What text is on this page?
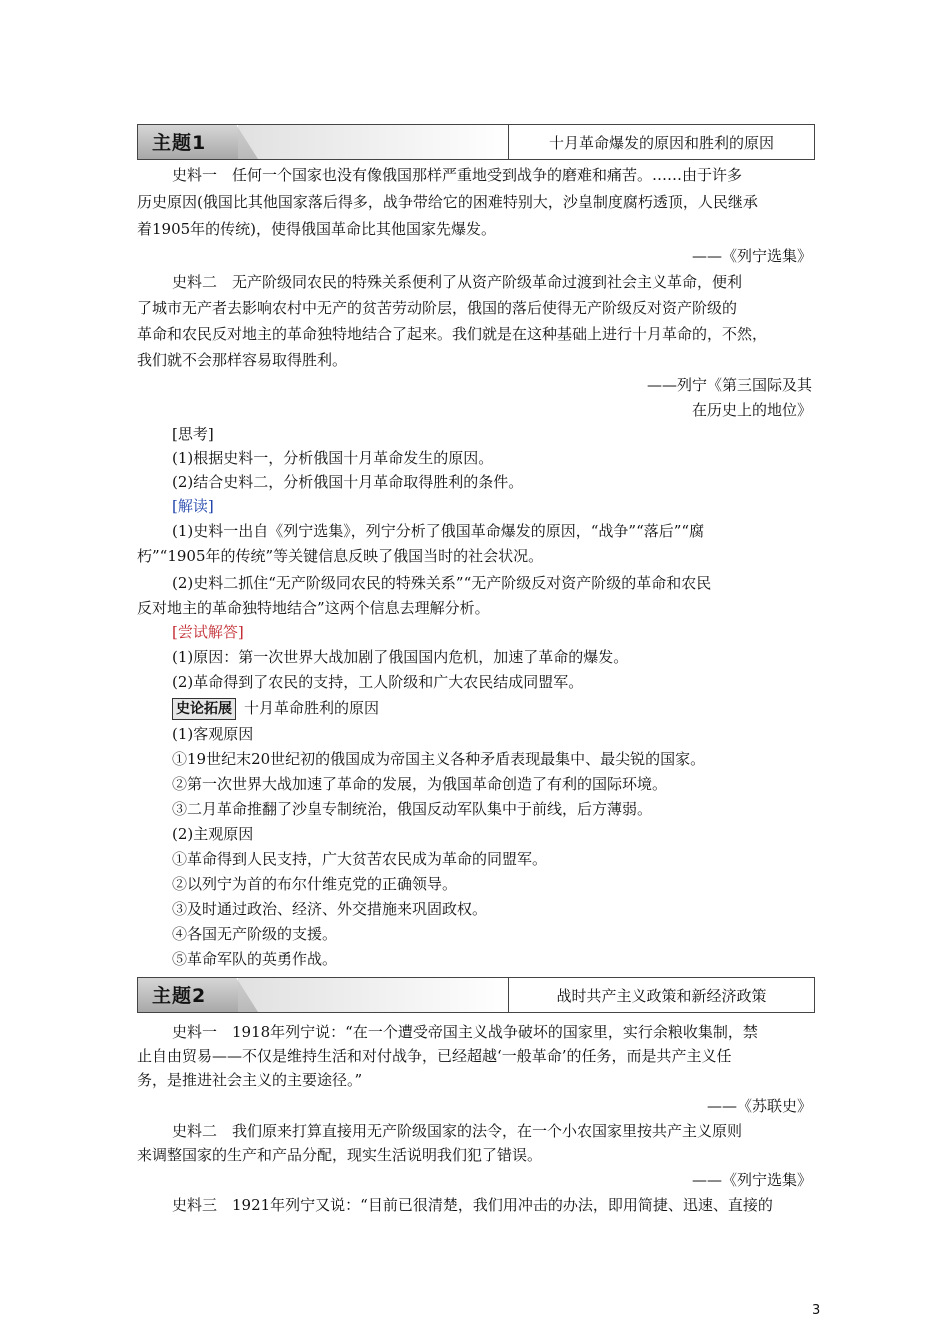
主题1	十月革命爆发的原因和胜利的原因
史料一　任何一个国家也没有像俄国那样严重地受到战争的磨难和痛苦。……由于许多
历史原因(俄国比其他国家落后得多，战争带给它的困难特别大，沙皇制度腐朽透顶，人民继承
着1905年的传统)，使得俄国革命比其他国家先爆发。
——《列宁选集》
史料二　无产阶级同农民的特殊关系便利了从资产阶级革命过渡到社会主义革命，便利
了城市无产者去影响农村中无产的贫苦劳动阶层，俄国的落后使得无产阶级反对资产阶级的
革命和农民反对地主的革命独特地结合了起来。我们就是在这种基础上进行十月革命的，不然，
我们就不会那样容易取得胜利。
——列宁《第三国际及其
在历史上的地位》
[思考]
(1)根据史料一，分析俄国十月革命发生的原因。
(2)结合史料二，分析俄国十月革命取得胜利的条件。
[解读]
(1)史料一出自《列宁选集》，列宁分析了俄国革命爆发的原因，“战争”“落后”“腐
朽”“1905年的传统”等关键信息反映了俄国当时的社会状况。
(2)史料二抓住“无产阶级同农民的特殊关系”“无产阶级反对资产阶级的革命和农民
反对地主的革命独特地结合”这两个信息去理解分析。
[尝试解答]
(1)原因：第一次世界大战加剧了俄国国内危机，加速了革命的爆发。
(2)革命得到了农民的支持，工人阶级和广大农民结成同盟军。
史论拓展 十月革命胜利的原因
(1)客观原因
①19世纪末20世纪初的俄国成为帝国主义各种矛盾表现最集中、最尖锐的国家。
②第一次世界大战加速了革命的发展，为俄国革命创造了有利的国际环境。
③二月革命推翻了沙皇专制统治，俄国反动军队集中于前线，后方薄弱。
(2)主观原因
①革命得到人民支持，广大贫苦农民成为革命的同盟军。
②以列宁为首的布尔什维克党的正确领导。
③及时通过政治、经济、外交措施来巩固政权。
④各国无产阶级的支援。
⑤革命军队的英勇作战。
主题2	战时共产主义政策和新经济政策
史料一　1918年列宁说：“在一个遭受帝国主义战争破坏的国家里，实行余粮收集制，禁
止自由贸易——不仅是维持生活和对付战争，已经超越‘一般革命’的任务，而是共产主义任
务，是推进社会主义的主要途径。”
——《苏联史》
史料二　我们原来打算直接用无产阶级国家的法令，在一个小农国家里按共产主义原则
来调整国家的生产和产品分配，现实生活说明我们犯了错误。
——《列宁选集》
史料三　1921年列宁又说：“目前已很清楚，我们用冲击的办法，即用简捷、迅速、直接的
3
